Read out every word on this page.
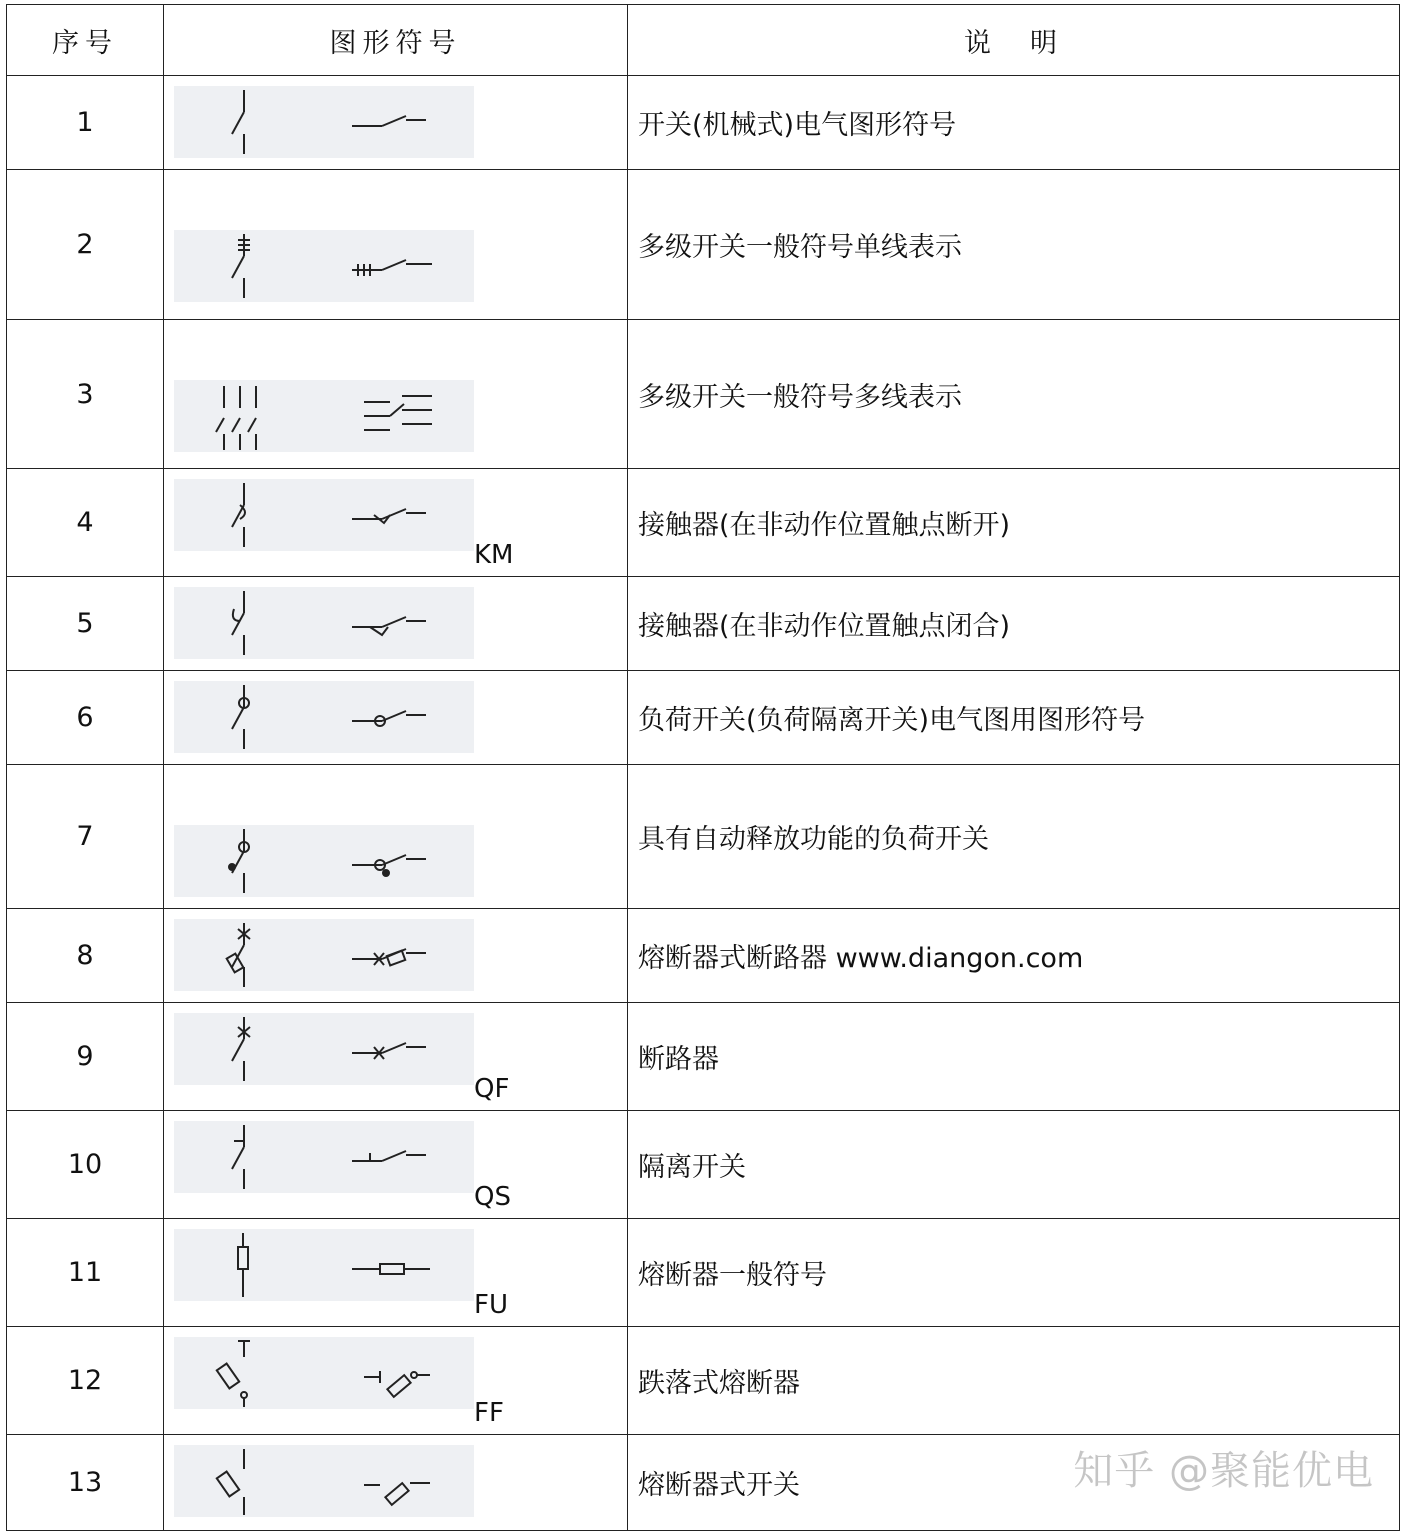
序号	图形符号	说　明
1		开关(机械式)电气图形符号
2		多级开关一般符号单线表示
3		多级开关一般符号多线表示
4	KM	接触器(在非动作位置触点断开)
5		接触器(在非动作位置触点闭合)
6		负荷开关(负荷隔离开关)电气图用图形符号
7		具有自动释放功能的负荷开关
8		熔断器式断路器 www.diangon.com
9	QF	断路器
10	QS	隔离开关
11	FU	熔断器一般符号
12	FF	跌落式熔断器
13		熔断器式开关	知乎 @聚能优电
